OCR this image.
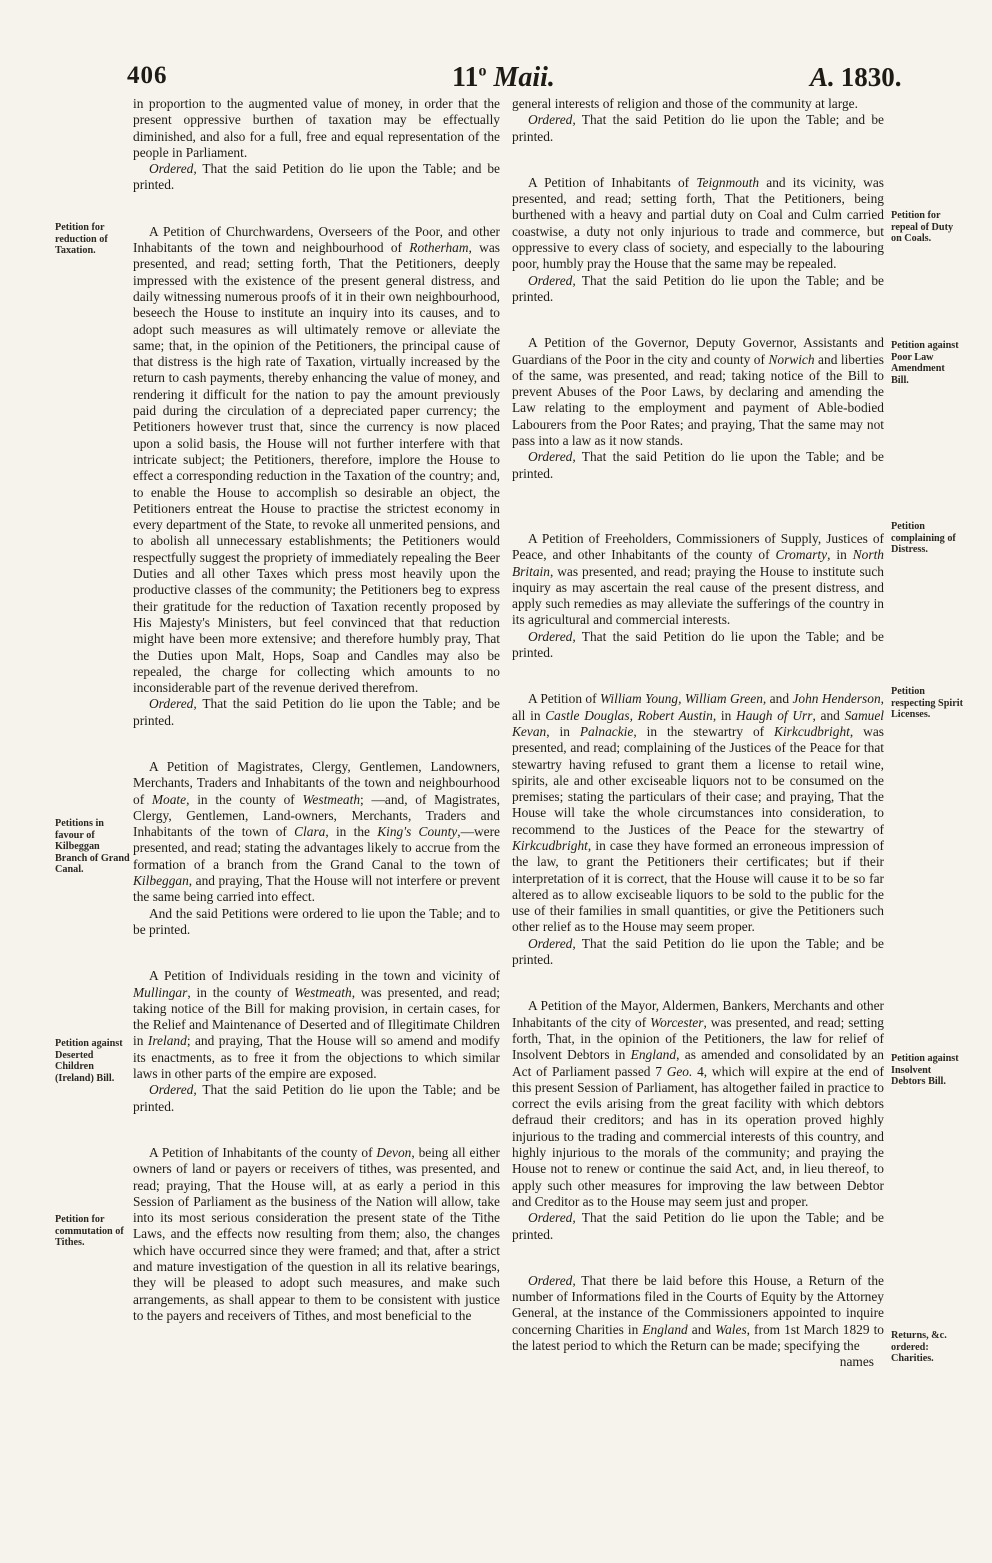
406	11$^o$ Maii.	A. 1830.

in proportion to the augmented value of money, in order that the present oppressive burthen of taxation may be effectually diminished, and also for a full, free and equal representation of the people in Parliament.

Ordered, That the said Petition do lie upon the Table; and be printed.

A Petition of Churchwardens, Overseers of the Poor, and other Inhabitants of the town and neighbourhood of Rotherham, was presented, and read; setting forth, That the Petitioners, deeply impressed with the existence of the present general distress, and daily witnessing numerous proofs of it in their own neighbourhood, beseech the House to institute an inquiry into its causes, and to adopt such measures as will ultimately remove or alleviate the same; that, in the opinion of the Petitioners, the principal cause of that distress is the high rate of Taxation, virtually increased by the return to cash payments, thereby enhancing the value of money, and rendering it difficult for the nation to pay the amount previously paid during the circulation of a depreciated paper currency; the Petitioners however trust that, since the currency is now placed upon a solid basis, the House will not further interfere with that intricate subject; the Petitioners, therefore, implore the House to effect a corresponding reduction in the Taxation of the country; and, to enable the House to accomplish so desirable an object, the Petitioners entreat the House to practise the strictest economy in every department of the State, to revoke all unmerited pensions, and to abolish all unnecessary establishments; the Petitioners would respectfully suggest the propriety of immediately repealing the Beer Duties and all other Taxes which press most heavily upon the productive classes of the community; the Petitioners beg to express their gratitude for the reduction of Taxation recently proposed by His Majesty's Ministers, but feel convinced that that reduction might have been more extensive; and therefore humbly pray, That the Duties upon Malt, Hops, Soap and Candles may also be repealed, the charge for collecting which amounts to no inconsiderable part of the revenue derived therefrom.

Ordered, That the said Petition do lie upon the Table; and be printed.

A Petition of Magistrates, Clergy, Gentlemen, Landowners, Merchants, Traders and Inhabitants of the town and neighbourhood of Moate, in the county of Westmeath; —and, of Magistrates, Clergy, Gentlemen, Land-owners, Merchants, Traders and Inhabitants of the town of Clara, in the King's County,—were presented, and read; stating the advantages likely to accrue from the formation of a branch from the Grand Canal to the town of Kilbeggan, and praying, That the House will not interfere or prevent the same being carried into effect.

And the said Petitions were ordered to lie upon the Table; and to be printed.

A Petition of Individuals residing in the town and vicinity of Mullingar, in the county of Westmeath, was presented, and read; taking notice of the Bill for making provision, in certain cases, for the Relief and Maintenance of Deserted and of Illegitimate Children in Ireland; and praying, That the House will so amend and modify its enactments, as to free it from the objections to which similar laws in other parts of the empire are exposed.

Ordered, That the said Petition do lie upon the Table; and be printed.

A Petition of Inhabitants of the county of Devon, being all either owners of land or payers or receivers of tithes, was presented, and read; praying, That the House will, at as early a period in this Session of Parliament as the business of the Nation will allow, take into its most serious consideration the present state of the Tithe Laws, and the effects now resulting from them; also, the changes which have occurred since they were framed; and that, after a strict and mature investigation of the question in all its relative bearings, they will be pleased to adopt such measures, and make such arrangements, as shall appear to them to be consistent with justice to the payers and receivers of Tithes, and most beneficial to the

general interests of religion and those of the community at large.

Ordered, That the said Petition do lie upon the Table; and be printed.

A Petition of Inhabitants of Teignmouth and its vicinity, was presented, and read; setting forth, That the Petitioners, being burthened with a heavy and partial duty on Coal and Culm carried coastwise, a duty not only injurious to trade and commerce, but oppressive to every class of society, and especially to the labouring poor, humbly pray the House that the same may be repealed.

Ordered, That the said Petition do lie upon the Table; and be printed.

A Petition of the Governor, Deputy Governor, Assistants and Guardians of the Poor in the city and county of Norwich and liberties of the same, was presented, and read; taking notice of the Bill to prevent Abuses of the Poor Laws, by declaring and amending the Law relating to the employment and payment of Able-bodied Labourers from the Poor Rates; and praying, That the same may not pass into a law as it now stands.

Ordered, That the said Petition do lie upon the Table; and be printed.

A Petition of Freeholders, Commissioners of Supply, Justices of Peace, and other Inhabitants of the county of Cromarty, in North Britain, was presented, and read; praying the House to institute such inquiry as may ascertain the real cause of the present distress, and apply such remedies as may alleviate the sufferings of the country in its agricultural and commercial interests.

Ordered, That the said Petition do lie upon the Table; and be printed.

A Petition of William Young, William Green, and John Henderson, all in Castle Douglas, Robert Austin, in Haugh of Urr, and Samuel Kevan, in Palnackie, in the stewartry of Kirkcudbright, was presented, and read; complaining of the Justices of the Peace for that stewartry having refused to grant them a license to retail wine, spirits, ale and other exciseable liquors not to be consumed on the premises; stating the particulars of their case; and praying, That the House will take the whole circumstances into consideration, to recommend to the Justices of the Peace for the stewartry of Kirkcudbright, in case they have formed an erroneous impression of the law, to grant the Petitioners their certificates; but if their interpretation of it is correct, that the House will cause it to be so far altered as to allow exciseable liquors to be sold to the public for the use of their families in small quantities, or give the Petitioners such other relief as to the House may seem proper.

Ordered, That the said Petition do lie upon the Table; and be printed.

A Petition of the Mayor, Aldermen, Bankers, Merchants and other Inhabitants of the city of Worcester, was presented, and read; setting forth, That, in the opinion of the Petitioners, the law for relief of Insolvent Debtors in England, as amended and consolidated by an Act of Parliament passed 7 Geo. 4, which will expire at the end of this present Session of Parliament, has altogether failed in practice to correct the evils arising from the great facility with which debtors defraud their creditors; and has in its operation proved highly injurious to the trading and commercial interests of this country, and highly injurious to the morals of the community; and praying the House not to renew or continue the said Act, and, in lieu thereof, to apply such other measures for improving the law between Debtor and Creditor as to the House may seem just and proper.

Ordered, That the said Petition do lie upon the Table; and be printed.

Ordered, That there be laid before this House, a Return of the number of Informations filed in the Courts of Equity by the Attorney General, at the instance of the Commissioners appointed to inquire concerning Charities in England and Wales, from 1st March 1829 to the latest period to which the Return can be made; specifying the

names

Petition for reduction of Taxation.
Petitions in favour of Kilbeggan Branch of Grand Canal.
Petition against Deserted Children (Ireland) Bill.
Petition for commutation of Tithes.
Petition for repeal of Duty on Coals.
Petition against Poor Law Amendment Bill.
Petition complaining of Distress.
Petition respecting Spirit Licenses.
Petition against Insolvent Debtors Bill.
Returns, &c. ordered: Charities.
